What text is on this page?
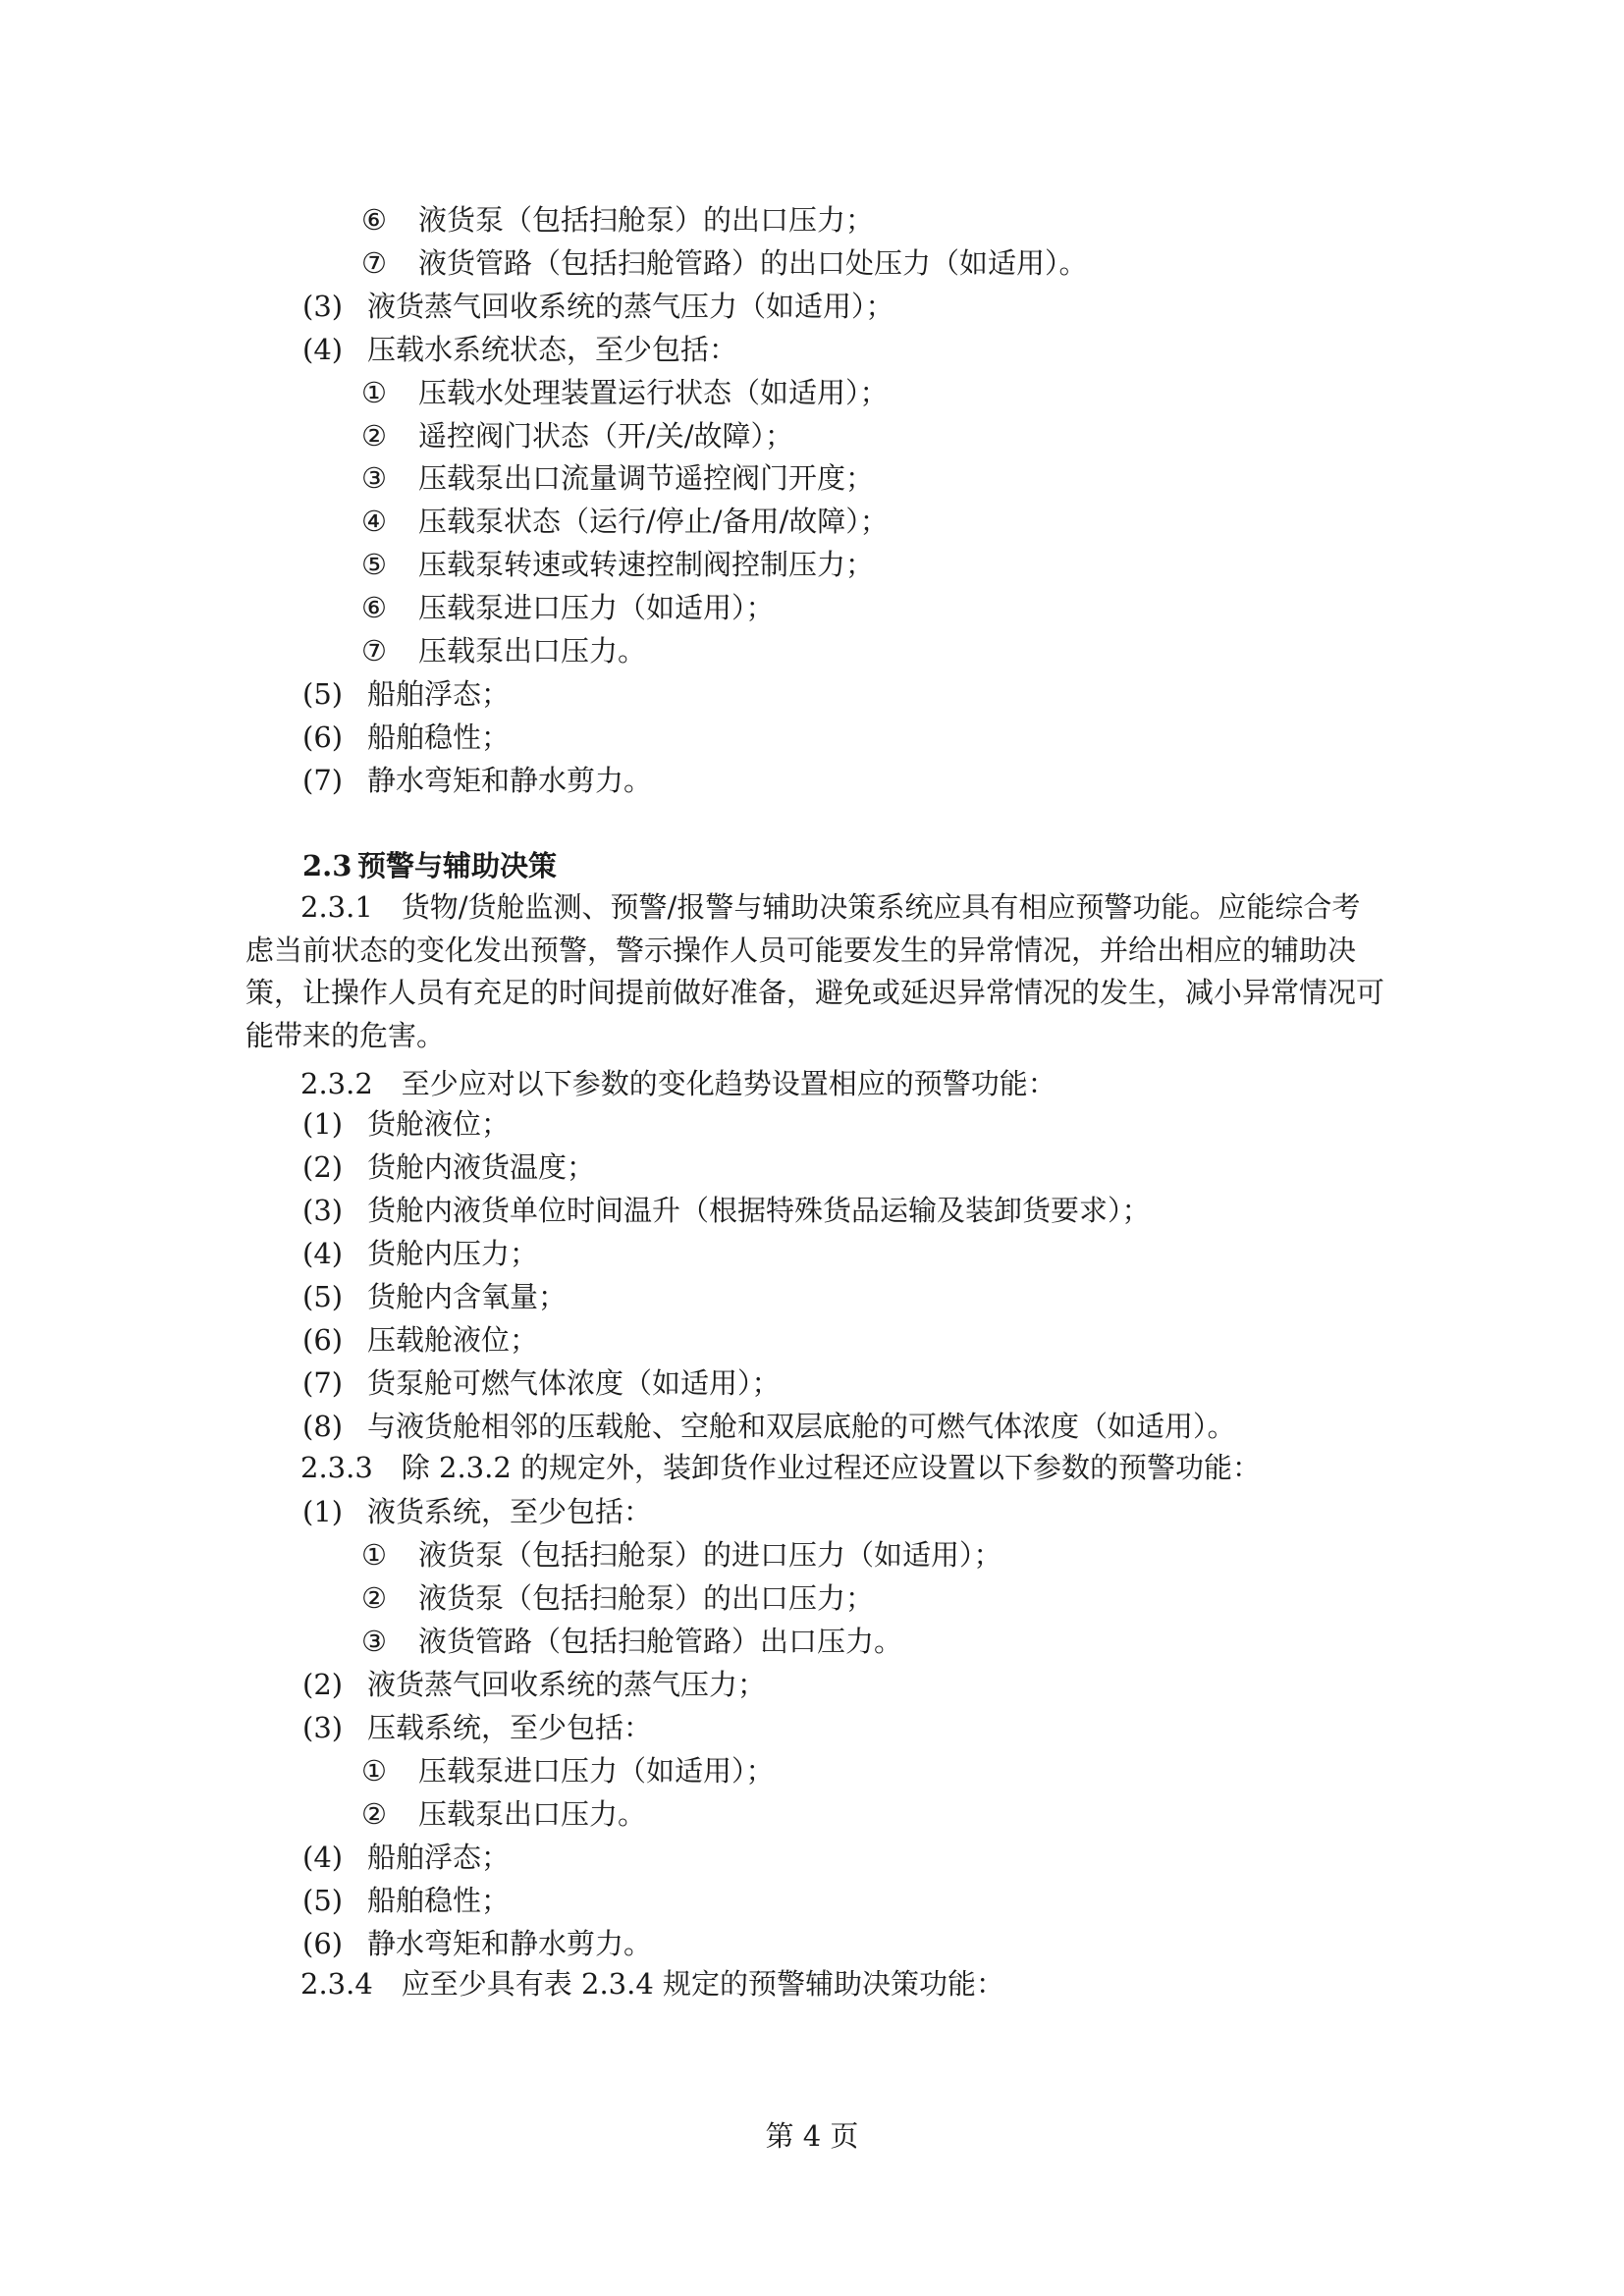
⑥ 液货泵（包括扫舱泵）的出口压力；
⑦ 液货管路（包括扫舱管路）的出口处压力（如适用）。
(3) 液货蒸气回收系统的蒸气压力（如适用）；
(4) 压载水系统状态，至少包括：
① 压载水处理装置运行状态（如适用）；
② 遥控阀门状态（开/关/故障）；
③ 压载泵出口流量调节遥控阀门开度；
④ 压载泵状态（运行/停止/备用/故障）；
⑤ 压载泵转速或转速控制阀控制压力；
⑥ 压载泵进口压力（如适用）；
⑦ 压载泵出口压力。
(5) 船舶浮态；
(6) 船舶稳性；
(7) 静水弯矩和静水剪力。
2.3 预警与辅助决策
2.3.1　货物/货舱监测、预警/报警与辅助决策系统应具有相应预警功能。应能综合考虑当前状态的变化发出预警，警示操作人员可能要发生的异常情况，并给出相应的辅助决策，让操作人员有充足的时间提前做好准备，避免或延迟异常情况的发生，减小异常情况可能带来的危害。
2.3.2　至少应对以下参数的变化趋势设置相应的预警功能：
(1) 货舱液位；
(2) 货舱内液货温度；
(3) 货舱内液货单位时间温升（根据特殊货品运输及装卸货要求）；
(4) 货舱内压力；
(5) 货舱内含氧量；
(6) 压载舱液位；
(7) 货泵舱可燃气体浓度（如适用）；
(8) 与液货舱相邻的压载舱、空舱和双层底舱的可燃气体浓度（如适用）。
2.3.3　除 2.3.2 的规定外，装卸货作业过程还应设置以下参数的预警功能：
(1) 液货系统，至少包括：
① 液货泵（包括扫舱泵）的进口压力（如适用）；
② 液货泵（包括扫舱泵）的出口压力；
③ 液货管路（包括扫舱管路）出口压力。
(2) 液货蒸气回收系统的蒸气压力；
(3) 压载系统，至少包括：
① 压载泵进口压力（如适用）；
② 压载泵出口压力。
(4) 船舶浮态；
(5) 船舶稳性；
(6) 静水弯矩和静水剪力。
2.3.4　应至少具有表 2.3.4 规定的预警辅助决策功能：
第 4 页
